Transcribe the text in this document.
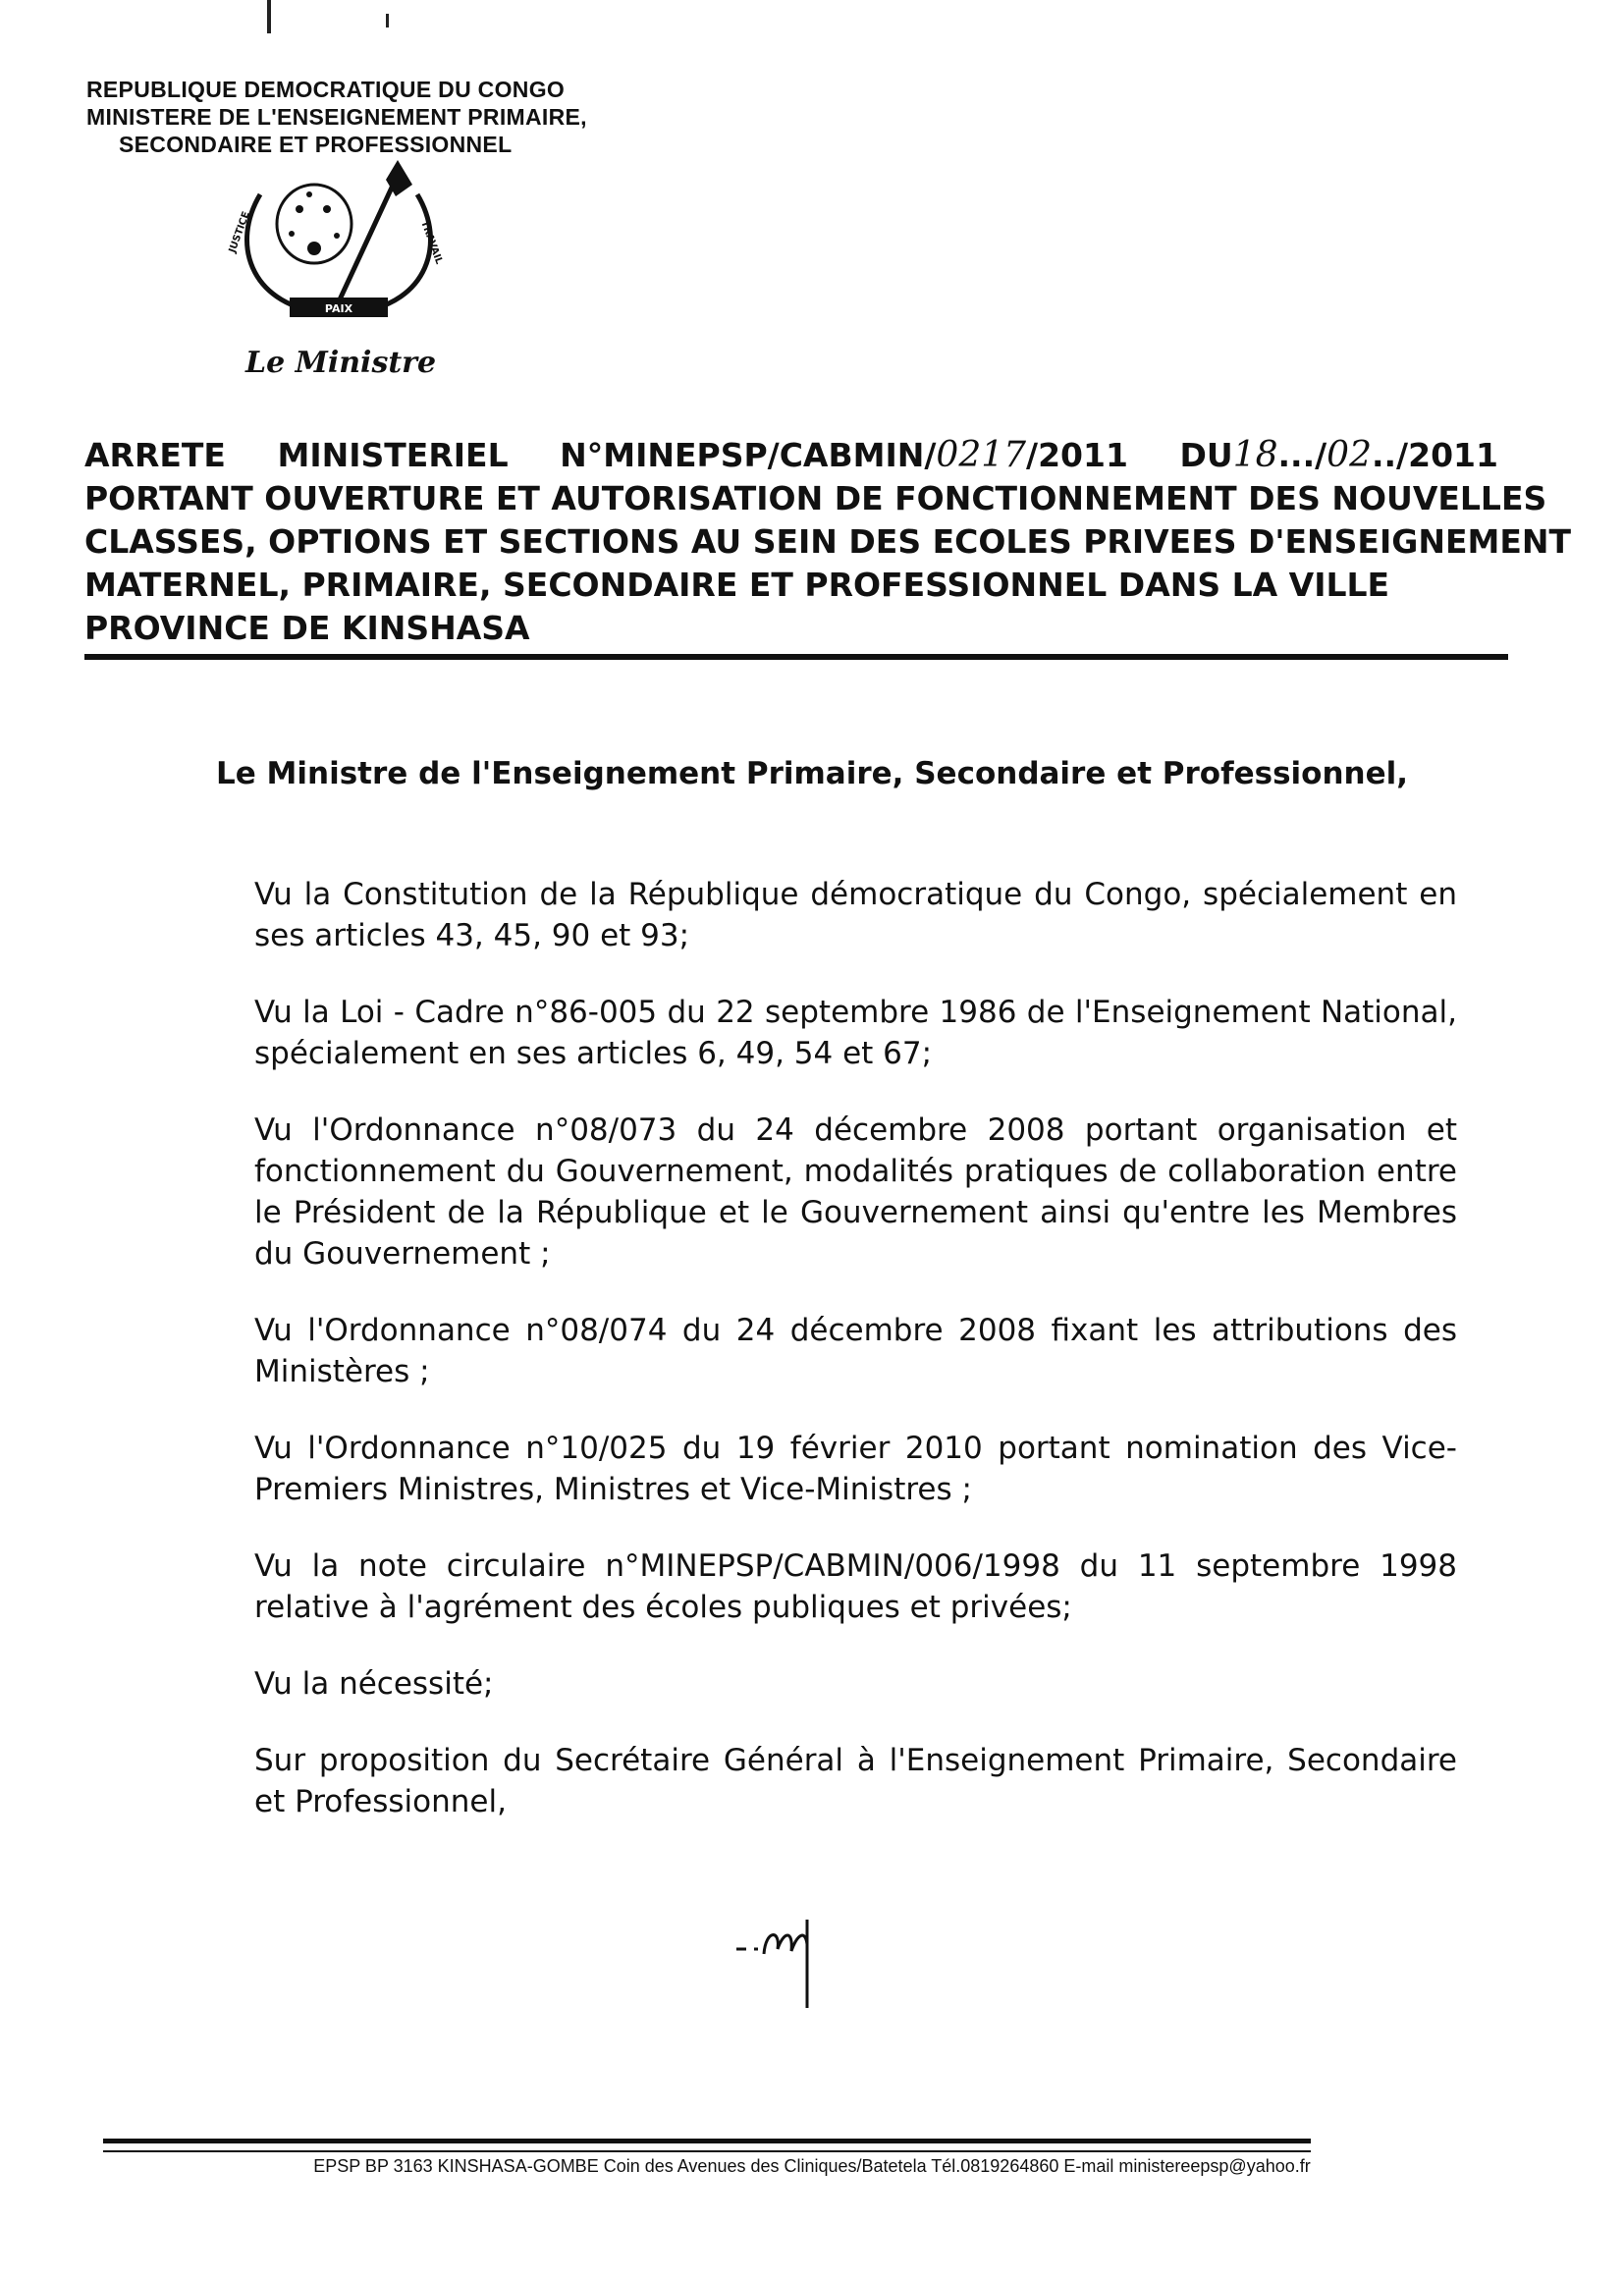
REPUBLIQUE DEMOCRATIQUE DU CONGO
MINISTERE DE L'ENSEIGNEMENT PRIMAIRE,
SECONDAIRE ET PROFESSIONNEL
JUSTICE	TRAVAIL
PAIX
Le Ministre
ARRETE MINISTERIEL N°MINEPSP/CABMIN/0217/2011 DU18.../02../2011
PORTANT OUVERTURE ET AUTORISATION DE FONCTIONNEMENT DES NOUVELLES
CLASSES, OPTIONS ET SECTIONS AU SEIN DES ECOLES PRIVEES D'ENSEIGNEMENT
MATERNEL, PRIMAIRE, SECONDAIRE ET PROFESSIONNEL DANS LA VILLE
PROVINCE DE KINSHASA
Le Ministre de l'Enseignement Primaire, Secondaire et Professionnel,

Vu la Constitution de la République démocratique du Congo, spécialement en ses articles 43, 45, 90 et 93;

Vu la Loi - Cadre n°86-005 du 22 septembre 1986 de l'Enseignement National, spécialement en ses articles 6, 49, 54 et 67;

Vu l'Ordonnance n°08/073 du 24 décembre 2008 portant organisation et fonctionnement du Gouvernement, modalités pratiques de collaboration entre le Président de la République et le Gouvernement ainsi qu'entre les Membres du Gouvernement ;

Vu l'Ordonnance n°08/074 du 24 décembre 2008 fixant les attributions des Ministères ;

Vu l'Ordonnance n°10/025 du 19 février 2010 portant nomination des Vice-Premiers Ministres, Ministres et Vice-Ministres ;

Vu la note circulaire n°MINEPSP/CABMIN/006/1998 du 11 septembre 1998 relative à l'agrément des écoles publiques et privées;

Vu la nécessité;

Sur proposition du Secrétaire Général à l'Enseignement Primaire, Secondaire et Professionnel,

EPSP BP 3163 KINSHASA-GOMBE Coin des Avenues des Cliniques/Batetela Tél.0819264860 E-mail ministereepsp@yahoo.fr
